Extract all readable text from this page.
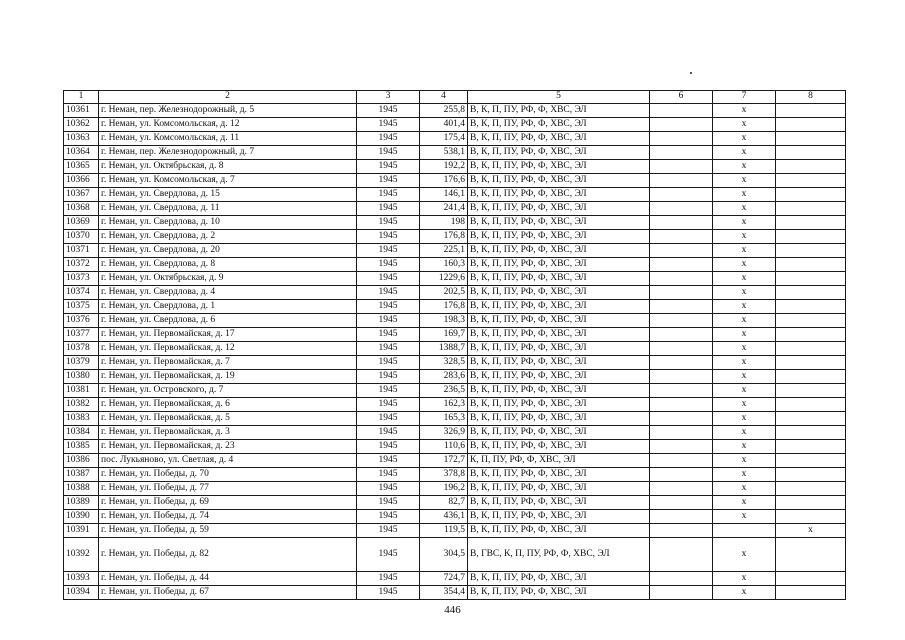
1	2	3	4	5	6	7	8
10361	г. Неман, пер. Железнодорожный, д. 5	1945	255,8	В, К, П, ПУ, РФ, Ф, ХВС, ЭЛ		х	
10362	г. Неман, ул. Комсомольская, д. 12	1945	401,4	В, К, П, ПУ, РФ, Ф, ХВС, ЭЛ		х	
10363	г. Неман, ул. Комсомольская, д. 11	1945	175,4	В, К, П, ПУ, РФ, Ф, ХВС, ЭЛ		х	
10364	г. Неман, пер. Железнодорожный, д. 7	1945	538,1	В, К, П, ПУ, РФ, Ф, ХВС, ЭЛ		х	
10365	г. Неман, ул. Октябрьская, д. 8	1945	192,2	В, К, П, ПУ, РФ, Ф, ХВС, ЭЛ		х	
10366	г. Неман, ул. Комсомольская, д. 7	1945	176,6	В, К, П, ПУ, РФ, Ф, ХВС, ЭЛ		х	
10367	г. Неман, ул. Свердлова, д. 15	1945	146,1	В, К, П, ПУ, РФ, Ф, ХВС, ЭЛ		х	
10368	г. Неман, ул. Свердлова, д. 11	1945	241,4	В, К, П, ПУ, РФ, Ф, ХВС, ЭЛ		х	
10369	г. Неман, ул. Свердлова, д. 10	1945	198	В, К, П, ПУ, РФ, Ф, ХВС, ЭЛ		х	
10370	г. Неман, ул. Свердлова, д. 2	1945	176,8	В, К, П, ПУ, РФ, Ф, ХВС, ЭЛ		х	
10371	г. Неман, ул. Свердлова, д. 20	1945	225,1	В, К, П, ПУ, РФ, Ф, ХВС, ЭЛ		х	
10372	г. Неман, ул. Свердлова, д. 8	1945	160,3	В, К, П, ПУ, РФ, Ф, ХВС, ЭЛ		х	
10373	г. Неман, ул. Октябрьская, д. 9	1945	1229,6	В, К, П, ПУ, РФ, Ф, ХВС, ЭЛ		х	
10374	г. Неман, ул. Свердлова, д. 4	1945	202,5	В, К, П, ПУ, РФ, Ф, ХВС, ЭЛ		х	
10375	г. Неман, ул. Свердлова, д. 1	1945	176,8	В, К, П, ПУ, РФ, Ф, ХВС, ЭЛ		х	
10376	г. Неман, ул. Свердлова, д. 6	1945	198,3	В, К, П, ПУ, РФ, Ф, ХВС, ЭЛ		х	
10377	г. Неман, ул. Первомайская, д. 17	1945	169,7	В, К, П, ПУ, РФ, Ф, ХВС, ЭЛ		х	
10378	г. Неман, ул. Первомайская, д. 12	1945	1388,7	В, К, П, ПУ, РФ, Ф, ХВС, ЭЛ		х	
10379	г. Неман, ул. Первомайская, д. 7	1945	328,5	В, К, П, ПУ, РФ, Ф, ХВС, ЭЛ		х	
10380	г. Неман, ул. Первомайская, д. 19	1945	283,6	В, К, П, ПУ, РФ, Ф, ХВС, ЭЛ		х	
10381	г. Неман, ул. Островского, д. 7	1945	236,5	В, К, П, ПУ, РФ, Ф, ХВС, ЭЛ		х	
10382	г. Неман, ул. Первомайская, д. 6	1945	162,3	В, К, П, ПУ, РФ, Ф, ХВС, ЭЛ		х	
10383	г. Неман, ул. Первомайская, д. 5	1945	165,3	В, К, П, ПУ, РФ, Ф, ХВС, ЭЛ		х	
10384	г. Неман, ул. Первомайская, д. 3	1945	326,9	В, К, П, ПУ, РФ, Ф, ХВС, ЭЛ		х	
10385	г. Неман, ул. Первомайская, д. 23	1945	110,6	В, К, П, ПУ, РФ, Ф, ХВС, ЭЛ		х	
10386	пос. Лукьяново, ул. Светлая, д. 4	1945	172,7	К, П, ПУ, РФ, Ф, ХВС, ЭЛ		х	
10387	г. Неман, ул. Победы, д. 70	1945	378,8	В, К, П, ПУ, РФ, Ф, ХВС, ЭЛ		х	
10388	г. Неман, ул. Победы, д. 77	1945	196,2	В, К, П, ПУ, РФ, Ф, ХВС, ЭЛ		х	
10389	г. Неман, ул. Победы, д. 69	1945	82,7	В, К, П, ПУ, РФ, Ф, ХВС, ЭЛ		х	
10390	г. Неман, ул. Победы, д. 74	1945	436,1	В, К, П, ПУ, РФ, Ф, ХВС, ЭЛ		х	
10391	г. Неман, ул. Победы, д. 59	1945	119,5	В, К, П, ПУ, РФ, Ф, ХВС, ЭЛ			х
10392	г. Неман, ул. Победы, д. 82	1945	304,5	В, ГВС, К, П, ПУ, РФ, Ф, ХВС, ЭЛ		х	
10393	г. Неман, ул. Победы, д. 44	1945	724,7	В, К, П, ПУ, РФ, Ф, ХВС, ЭЛ		х	
10394	г. Неман, ул. Победы, д. 67	1945	354,4	В, К, П, ПУ, РФ, Ф, ХВС, ЭЛ		х	
446
